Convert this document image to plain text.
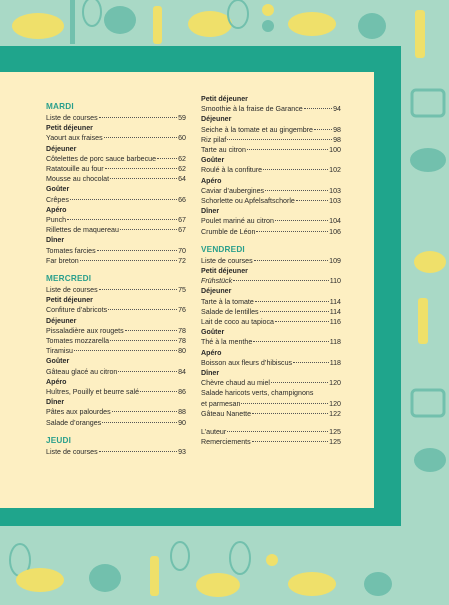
MARDI
Liste de courses	59
Petit déjeuner
Yaourt aux fraises	60
Déjeuner
Côtelettes de porc sauce barbecue	62
Ratatouille au four	62
Mousse au chocolat	64
Goûter
Crêpes	66
Apéro
Punch	67
Rillettes de maquereau	67
Dîner
Tomates farcies	70
Far breton	72
MERCREDI
Liste de courses	75
Petit déjeuner
Confiture d’abricots	76
Déjeuner
Pissaladière aux rougets	78
Tomates mozzarella	78
Tiramisu	80
Goûter
Gâteau glacé au citron	84
Apéro
Huîtres, Pouilly et beurre salé	86
Dîner
Pâtes aux palourdes	88
Salade d’oranges	90
JEUDI
Liste de courses	93
Petit déjeuner
Smoothie à la fraise de Garance	94
Déjeuner
Seiche à la tomate et au gingembre	98
Riz pilaf	98
Tarte au citron	100
Goûter
Roulé à la confiture	102
Apéro
Caviar d’aubergines	103
Schorlette ou Apfelsaftschorle	103
Dîner
Poulet mariné au citron	104
Crumble de Léon	106
VENDREDI
Liste de courses	109
Petit déjeuner
Frühstück	110
Déjeuner
Tarte à la tomate	114
Salade de lentilles	114
Lait de coco au tapioca	116
Goûter
Thé à la menthe	118
Apéro
Boisson aux fleurs d’hibiscus	118
Dîner
Chèvre chaud au miel	120
Salade haricots verts, champignons
et parmesan	120
Gâteau Nanette	122
L’auteur	125
Remerciements	125
